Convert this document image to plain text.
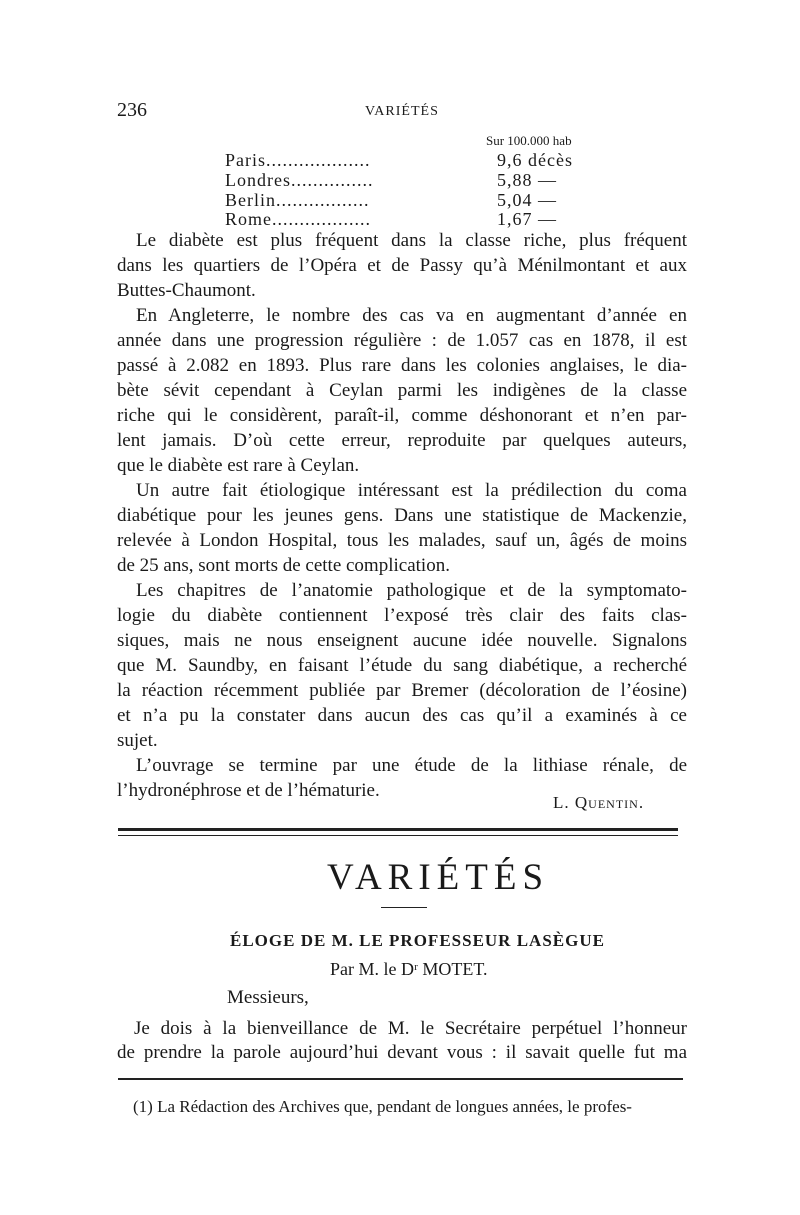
236	VARIÉTÉS
Sur 100.000 hab
Paris...................	9,6 décès
Londres...............	5,88 —
Berlin.................	5,04 —
Rome..................	1,67 —
Le diabète est plus fréquent dans la classe riche, plus fréquent
dans les quartiers de l’Opéra et de Passy qu’à Ménilmontant et aux
Buttes-Chaumont.
En Angleterre, le nombre des cas va en augmentant d’année en
année dans une progression régulière : de 1.057 cas en 1878, il est
passé à 2.082 en 1893. Plus rare dans les colonies anglaises, le dia-
bète sévit cependant à Ceylan parmi les indigènes de la classe
riche qui le considèrent, paraît-il, comme déshonorant et n’en par-
lent jamais. D’où cette erreur, reproduite par quelques auteurs,
que le diabète est rare à Ceylan.
Un autre fait étiologique intéressant est la prédilection du coma
diabétique pour les jeunes gens. Dans une statistique de Mackenzie,
relevée à London Hospital, tous les malades, sauf un, âgés de moins
de 25 ans, sont morts de cette complication.
Les chapitres de l’anatomie pathologique et de la symptomato-
logie du diabète contiennent l’exposé très clair des faits clas-
siques, mais ne nous enseignent aucune idée nouvelle. Signalons
que M. Saundby, en faisant l’étude du sang diabétique, a recherché
la réaction récemment publiée par Bremer (décoloration de l’éosine)
et n’a pu la constater dans aucun des cas qu’il a examinés à ce
sujet.
L’ouvrage se termine par une étude de la lithiase rénale, de
l’hydronéphrose et de l’hématurie.
L. Quentin.
VARIÉTÉS
ÉLOGE DE M. LE PROFESSEUR LASÈGUE
Par M. le Dʳ MOTET.
Messieurs,
Je dois à la bienveillance de M. le Secrétaire perpétuel l’honneur
de prendre la parole aujourd’hui devant vous : il savait quelle fut ma
(1) La Rédaction des Archives que, pendant de longues années, le profes-
